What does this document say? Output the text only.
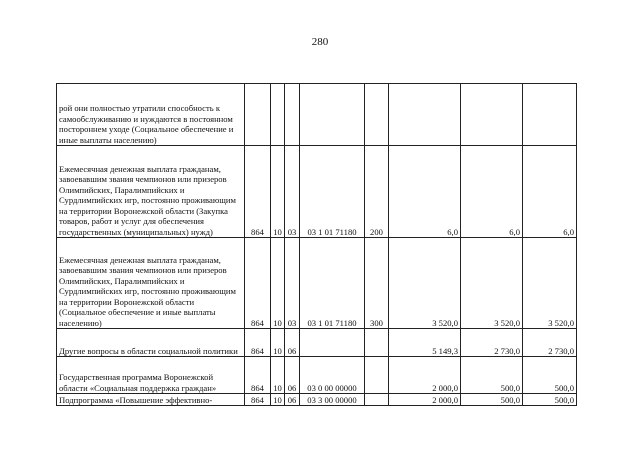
280
рой они полностью утратили способность к самообслуживанию и нуждаются в постоянном постороннем уходе (Социальное обеспечение и иные выплаты населению)								
Ежемесячная денежная выплата гражданам, завоевавшим звания чемпионов или призеров Олимпийских, Паралимпийских и Сурдлимпийских игр, постоянно проживающим на территории Воронежской области (Закупка товаров, работ и услуг для обеспечения государственных (муниципальных) нужд)	864	10	03	03 1 01 71180	200	6,0	6,0	6,0
Ежемесячная денежная выплата гражданам, завоевавшим звания чемпионов или призеров Олимпийских, Паралимпийских и Сурдлимпийских игр, постоянно проживающим на территории Воронежской области (Социальное обеспечение и иные выплаты населению)	864	10	03	03 1 01 71180	300	3 520,0	3 520,0	3 520,0
Другие вопросы в области социальной политики	864	10	06			5 149,3	2 730,0	2 730,0
Государственная программа Воронежской области «Социальная поддержка граждан»	864	10	06	03 0 00 00000		2 000,0	500,0	500,0
Подпрограмма «Повышение эффективно-	864	10	06	03 3 00 00000		2 000,0	500,0	500,0
